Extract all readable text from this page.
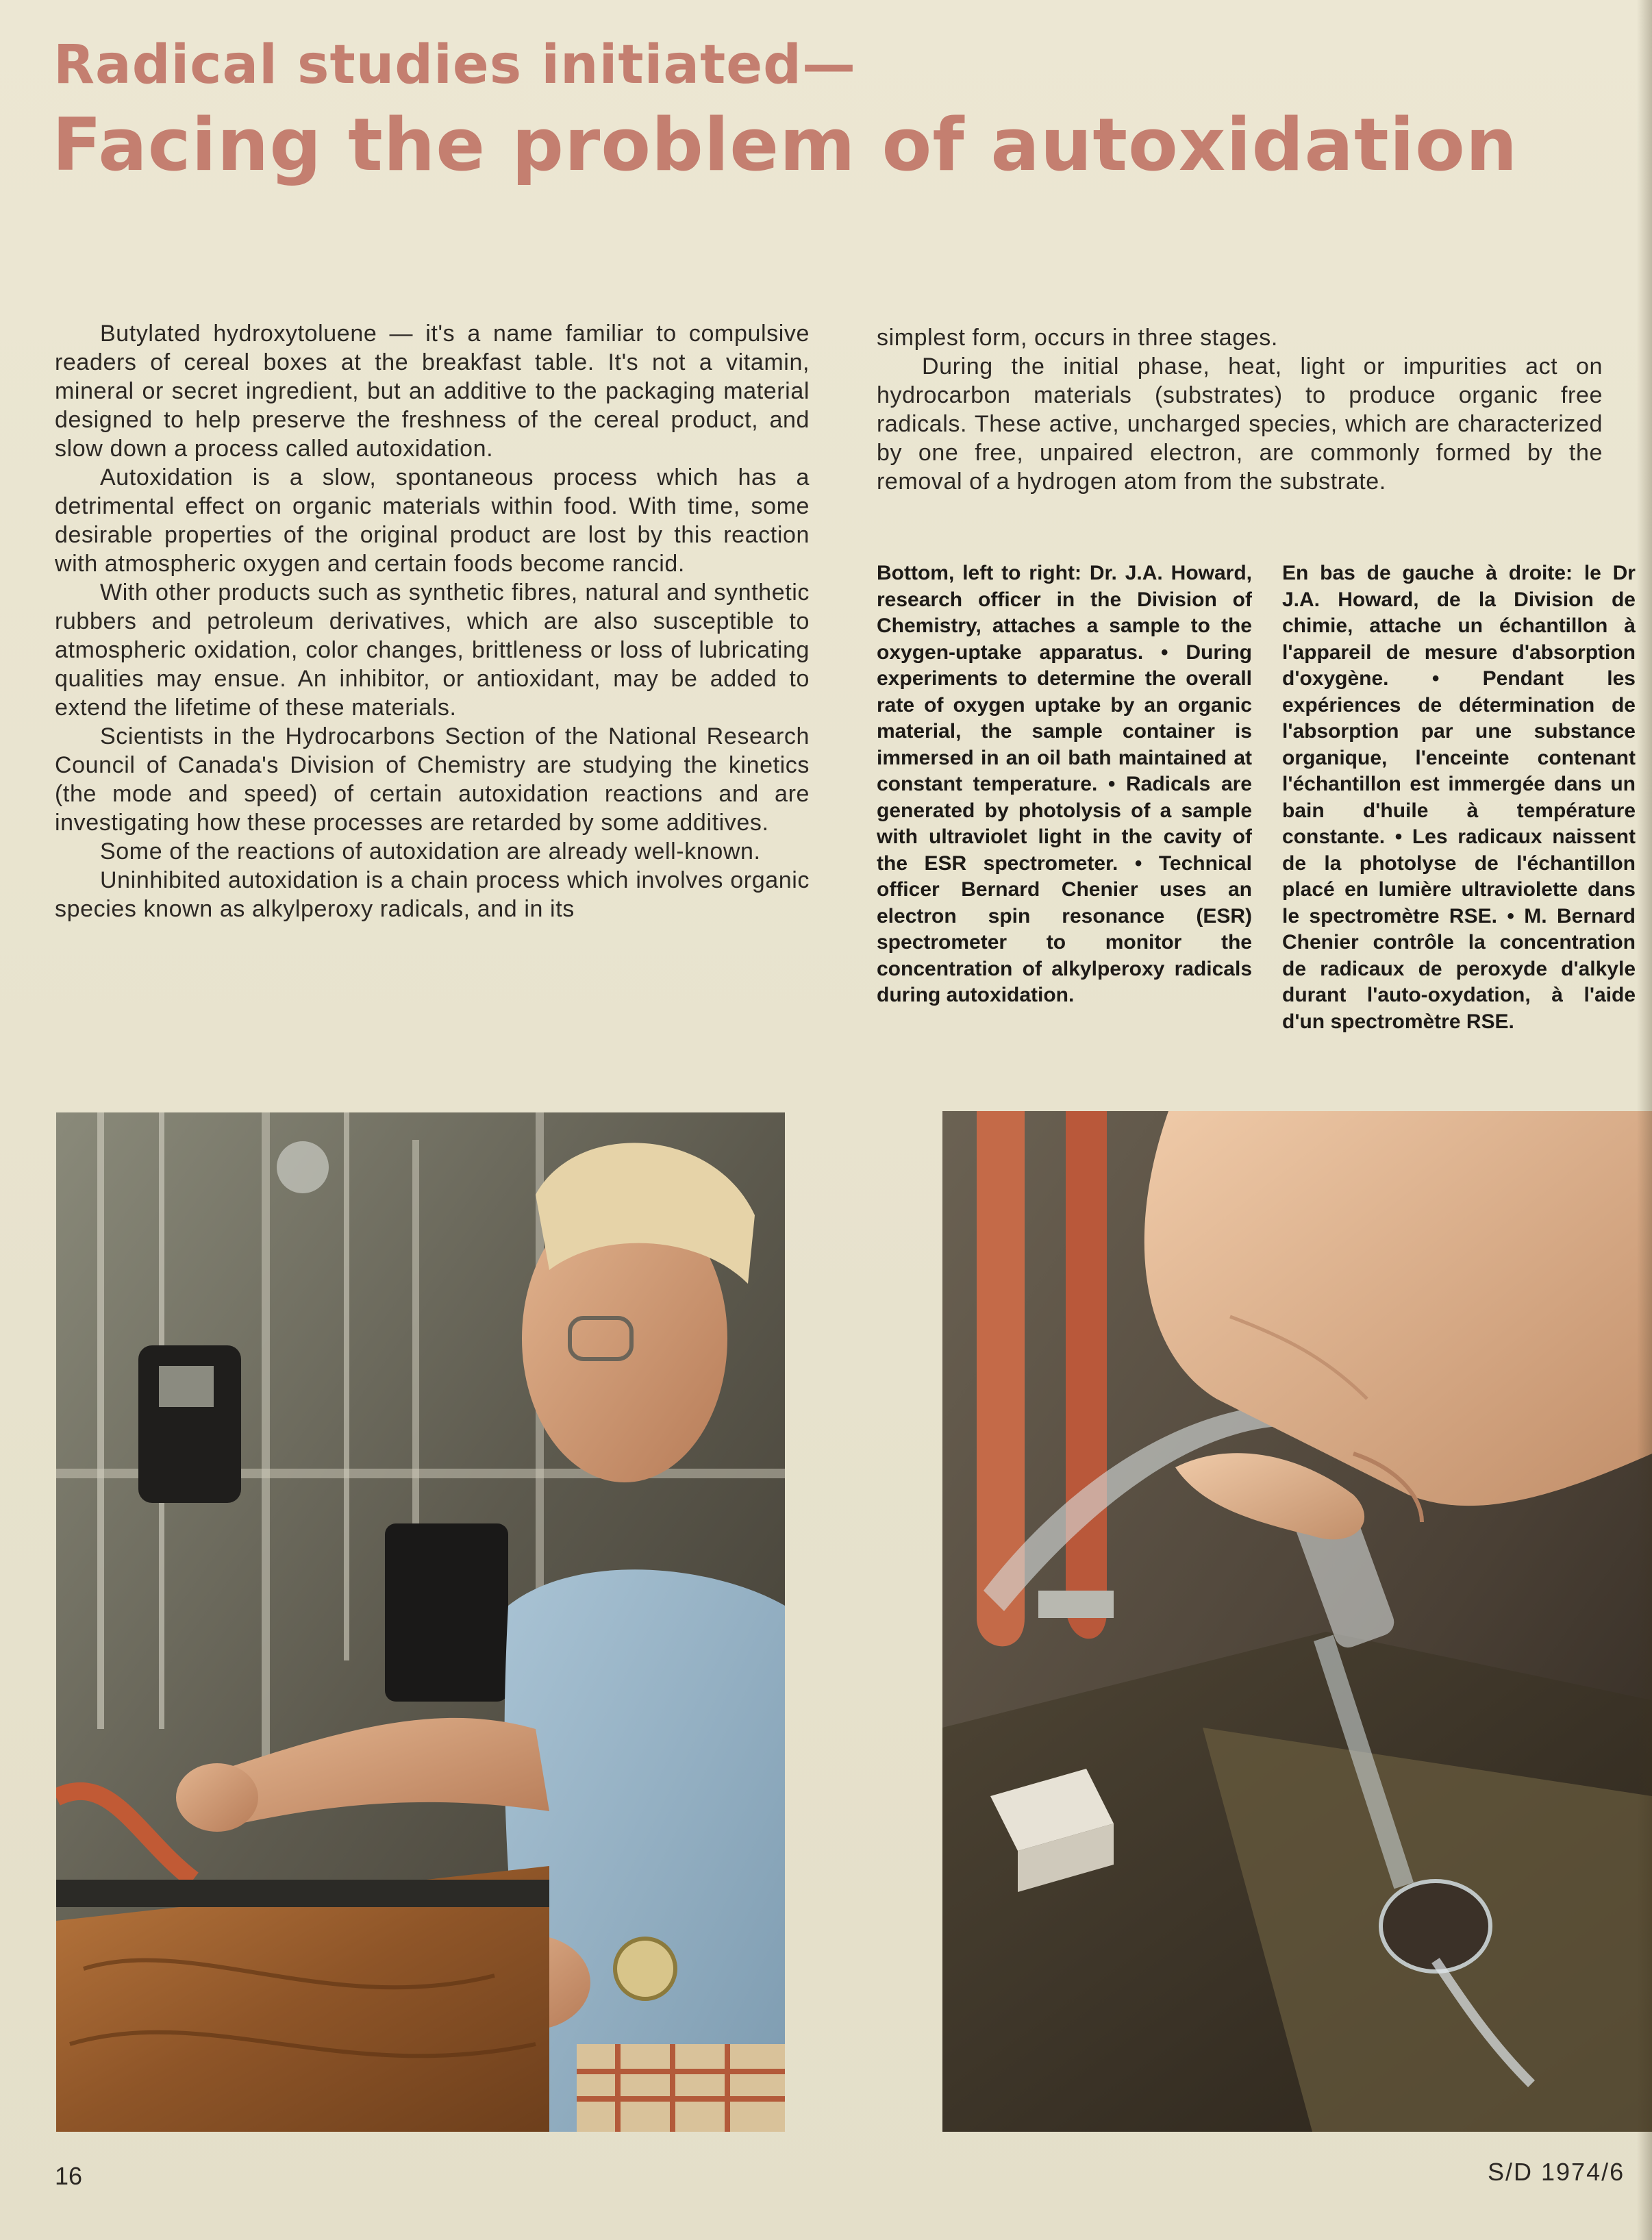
Radical studies initiated—
Facing the problem of autoxidation

Butylated hydroxytoluene — it's a name familiar to compulsive readers of cereal boxes at the breakfast table. It's not a vitamin, mineral or secret ingredient, but an additive to the packaging material designed to help preserve the freshness of the cereal product, and slow down a process called autoxidation.

Autoxidation is a slow, spontaneous process which has a detrimental effect on organic materials within food. With time, some desirable properties of the original product are lost by this reaction with atmospheric oxygen and certain foods become rancid.

With other products such as synthetic fibres, natural and synthetic rubbers and petroleum derivatives, which are also susceptible to atmospheric oxidation, color changes, brittleness or loss of lubricating qualities may ensue. An inhibitor, or antioxidant, may be added to extend the lifetime of these materials.

Scientists in the Hydrocarbons Section of the National Research Council of Canada's Division of Chemistry are studying the kinetics (the mode and speed) of certain autoxidation reactions and are investigating how these processes are retarded by some additives.

Some of the reactions of autoxidation are already well-known.

Uninhibited autoxidation is a chain process which involves organic species known as alkylperoxy radicals, and in its

simplest form, occurs in three stages.

During the initial phase, heat, light or impurities act on hydrocarbon materials (substrates) to produce organic free radicals. These active, uncharged species, which are characterized by one free, unpaired electron, are commonly formed by the removal of a hydrogen atom from the substrate.

Bottom, left to right: Dr. J.A. Howard, research officer in the Division of Chemistry, attaches a sample to the oxygen-uptake apparatus. • During experiments to determine the overall rate of oxygen uptake by an organic material, the sample container is immersed in an oil bath maintained at constant temperature. • Radicals are generated by photolysis of a sample with ultraviolet light in the cavity of the ESR spectrometer. • Technical officer Bernard Chenier uses an electron spin resonance (ESR) spectrometer to monitor the concentration of alkylperoxy radicals during autoxidation.
En bas de gauche à droite: le Dr J.A. Howard, de la Division de chimie, attache un échantillon à l'appareil de mesure d'absorption d'oxygène. • Pendant les expériences de détermination de l'absorption par une substance organique, l'enceinte contenant l'échantillon est immergée dans un bain d'huile à température constante. • Les radicaux naissent de la photolyse de l'échantillon placé en lumière ultraviolette dans le spectromètre RSE. • M. Bernard Chenier contrôle la concentration de radicaux de peroxyde d'alkyle durant l'auto-oxydation, à l'aide d'un spectromètre RSE.
16	S/D 1974/6
